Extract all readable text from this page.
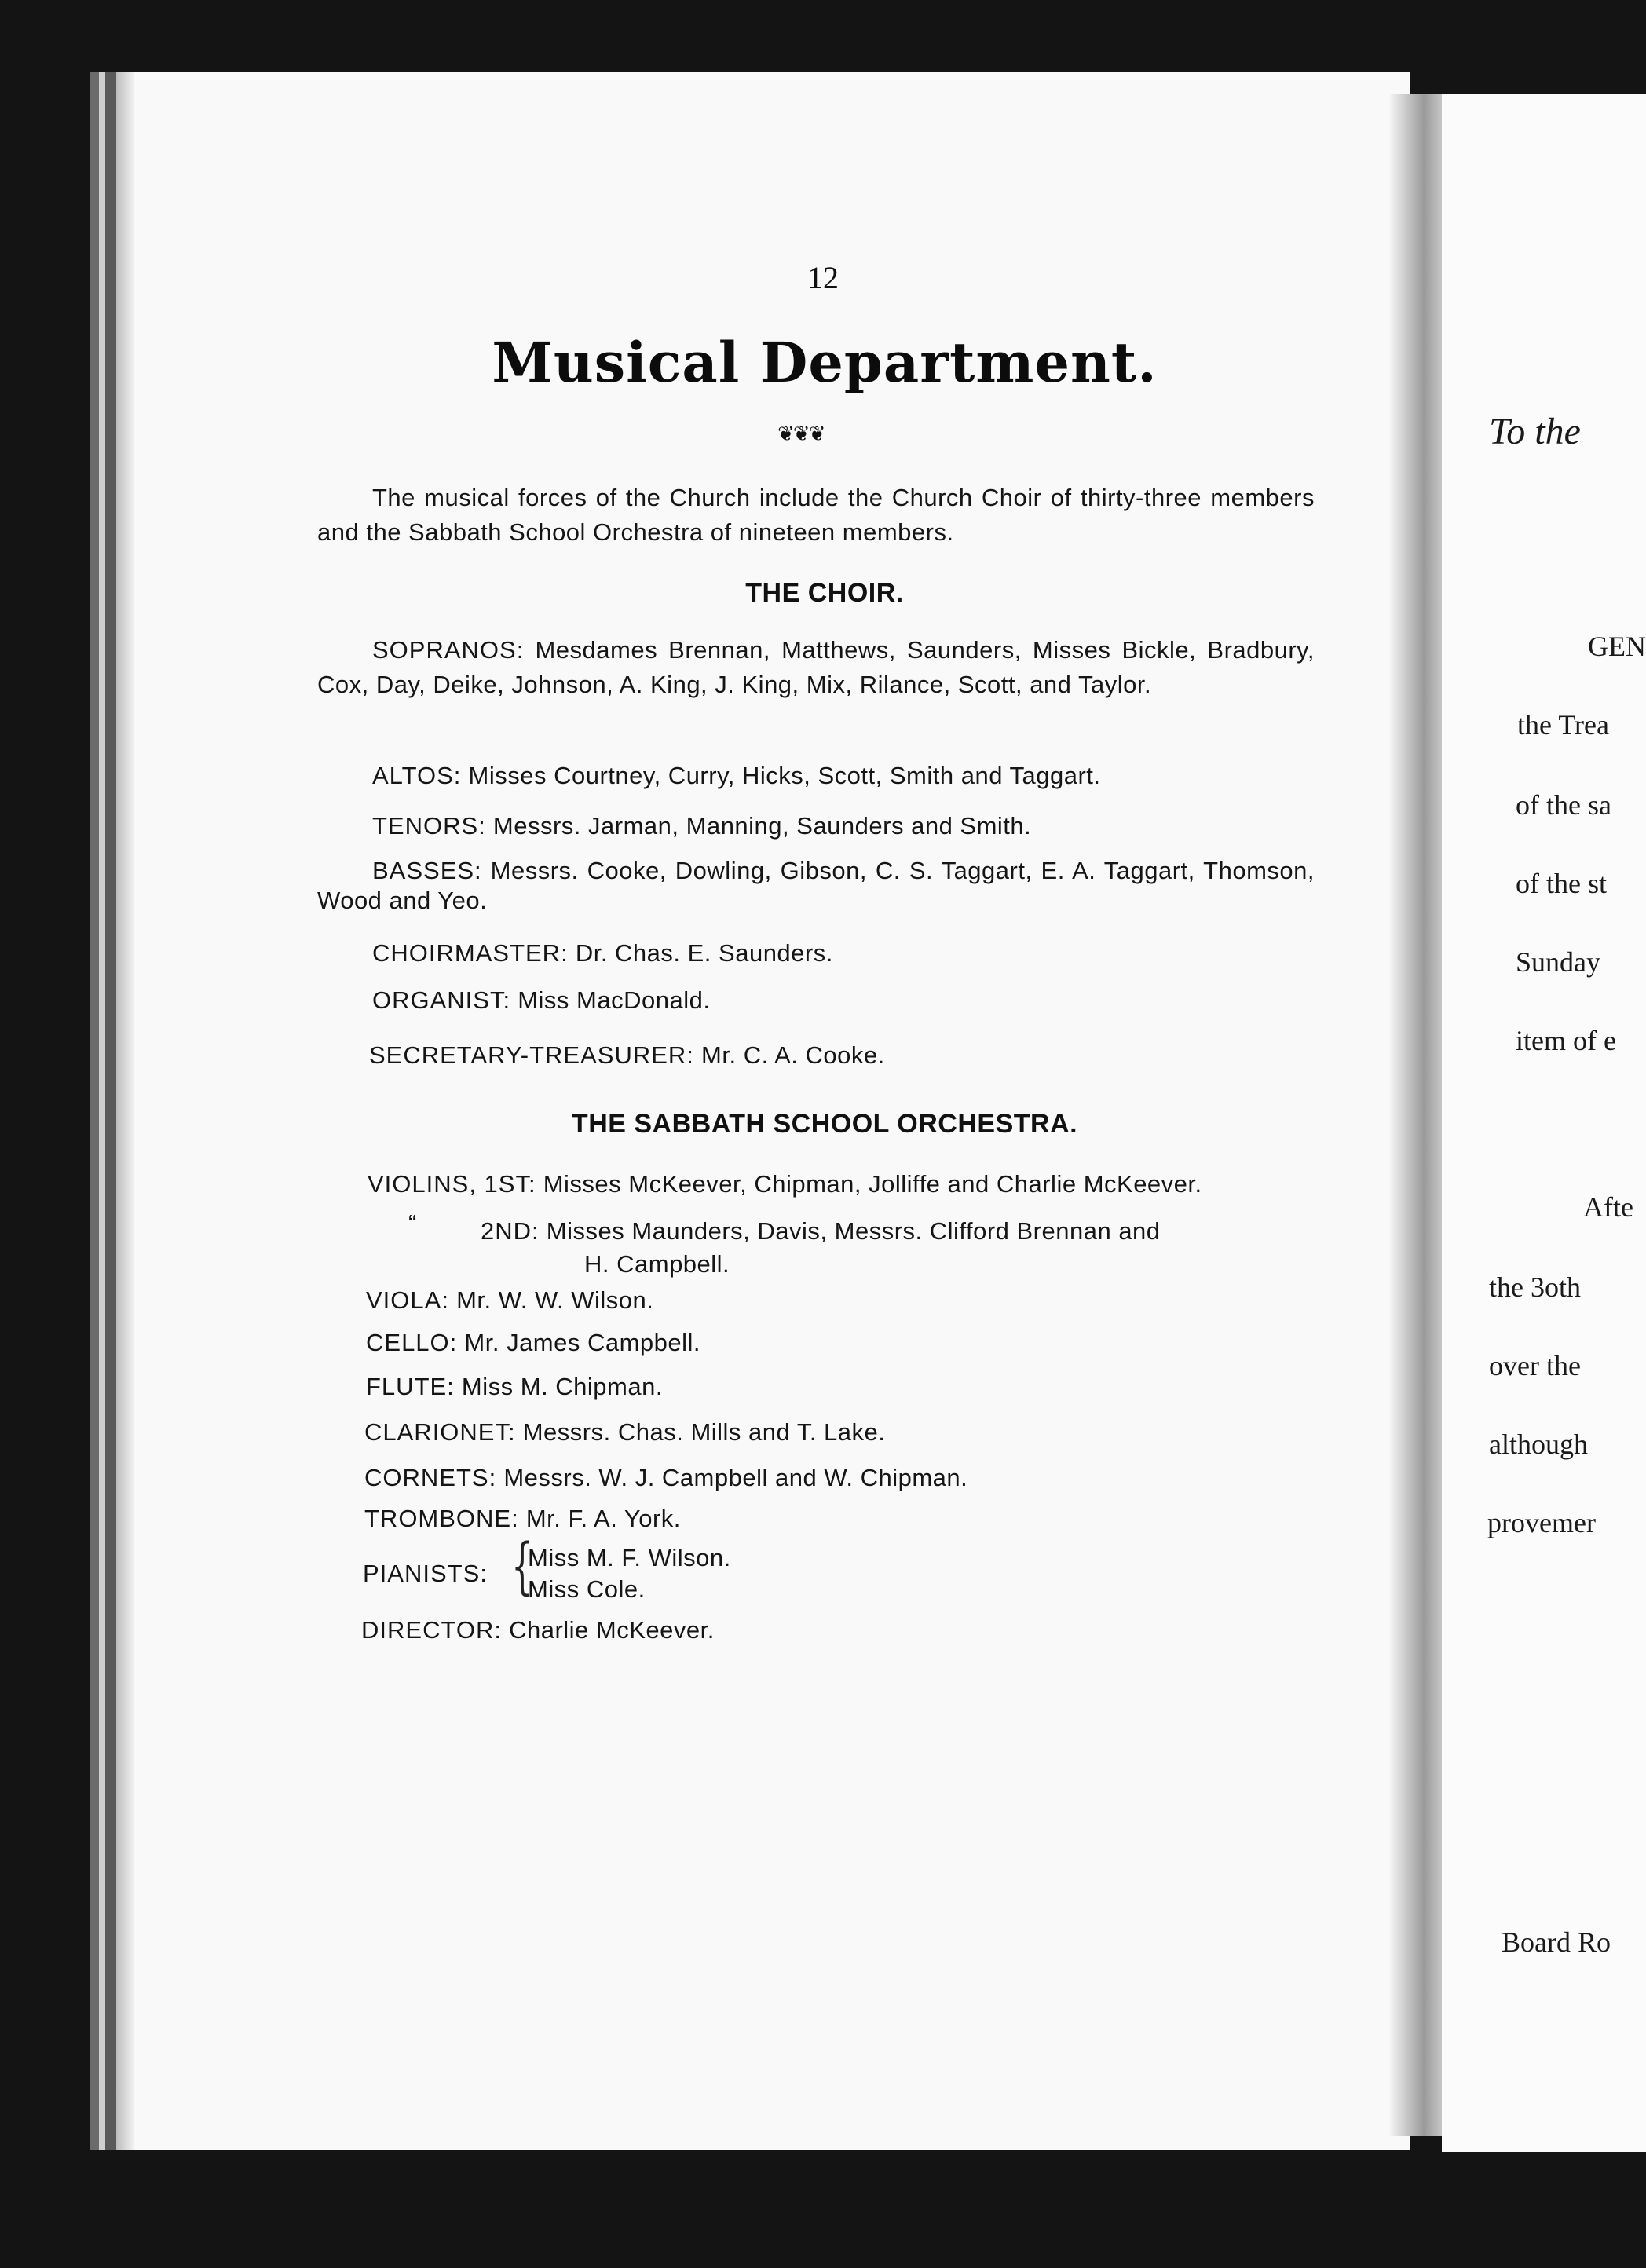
12
Musical Department.
❦❦❦
The musical forces of the Church include the Church Choir of thirty-three members and the Sabbath School Orchestra of nineteen members.
THE CHOIR.
SOPRANOS: Mesdames Brennan, Matthews, Saunders, Misses Bickle, Bradbury, Cox, Day, Deike, Johnson, A. King, J. King, Mix, Rilance, Scott, and Taylor.
ALTOS: Misses Courtney, Curry, Hicks, Scott, Smith and Taggart.
TENORS: Messrs. Jarman, Manning, Saunders and Smith.
BASSES: Messrs. Cooke, Dowling, Gibson, C. S. Taggart, E. A. Taggart, Thomson, Wood and Yeo.
CHOIRMASTER: Dr. Chas. E. Saunders.
ORGANIST: Miss MacDonald.
SECRETARY-TREASURER: Mr. C. A. Cooke.
THE SABBATH SCHOOL ORCHESTRA.
VIOLINS, 1ST: Misses McKeever, Chipman, Jolliffe and Charlie McKeever.
“	2ND: Misses Maunders, Davis, Messrs. Clifford Brennan and
H. Campbell.
VIOLA: Mr. W. W. Wilson.
CELLO: Mr. James Campbell.
FLUTE: Miss M. Chipman.
CLARIONET: Messrs. Chas. Mills and T. Lake.
CORNETS: Messrs. W. J. Campbell and W. Chipman.
TROMBONE: Mr. F. A. York.
PIANISTS: {
Miss M. F. Wilson.
Miss Cole.
DIRECTOR: Charlie McKeever.
To the
GEN
the Trea
of the sa
of the st
Sunday
item of e
Afte
the 3oth
over the
although
provemer
Board Ro
